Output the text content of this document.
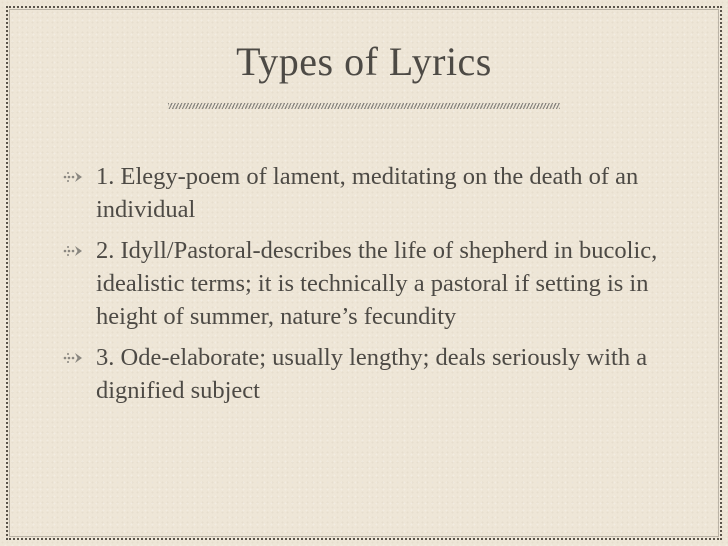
Types of Lyrics
1. Elegy-poem of lament, meditating on the death of an individual
2. Idyll/Pastoral-describes the life of shepherd in bucolic, idealistic terms; it is technically a pastoral if setting is in height of summer, nature’s fecundity
3. Ode-elaborate; usually lengthy; deals seriously with a dignified subject
